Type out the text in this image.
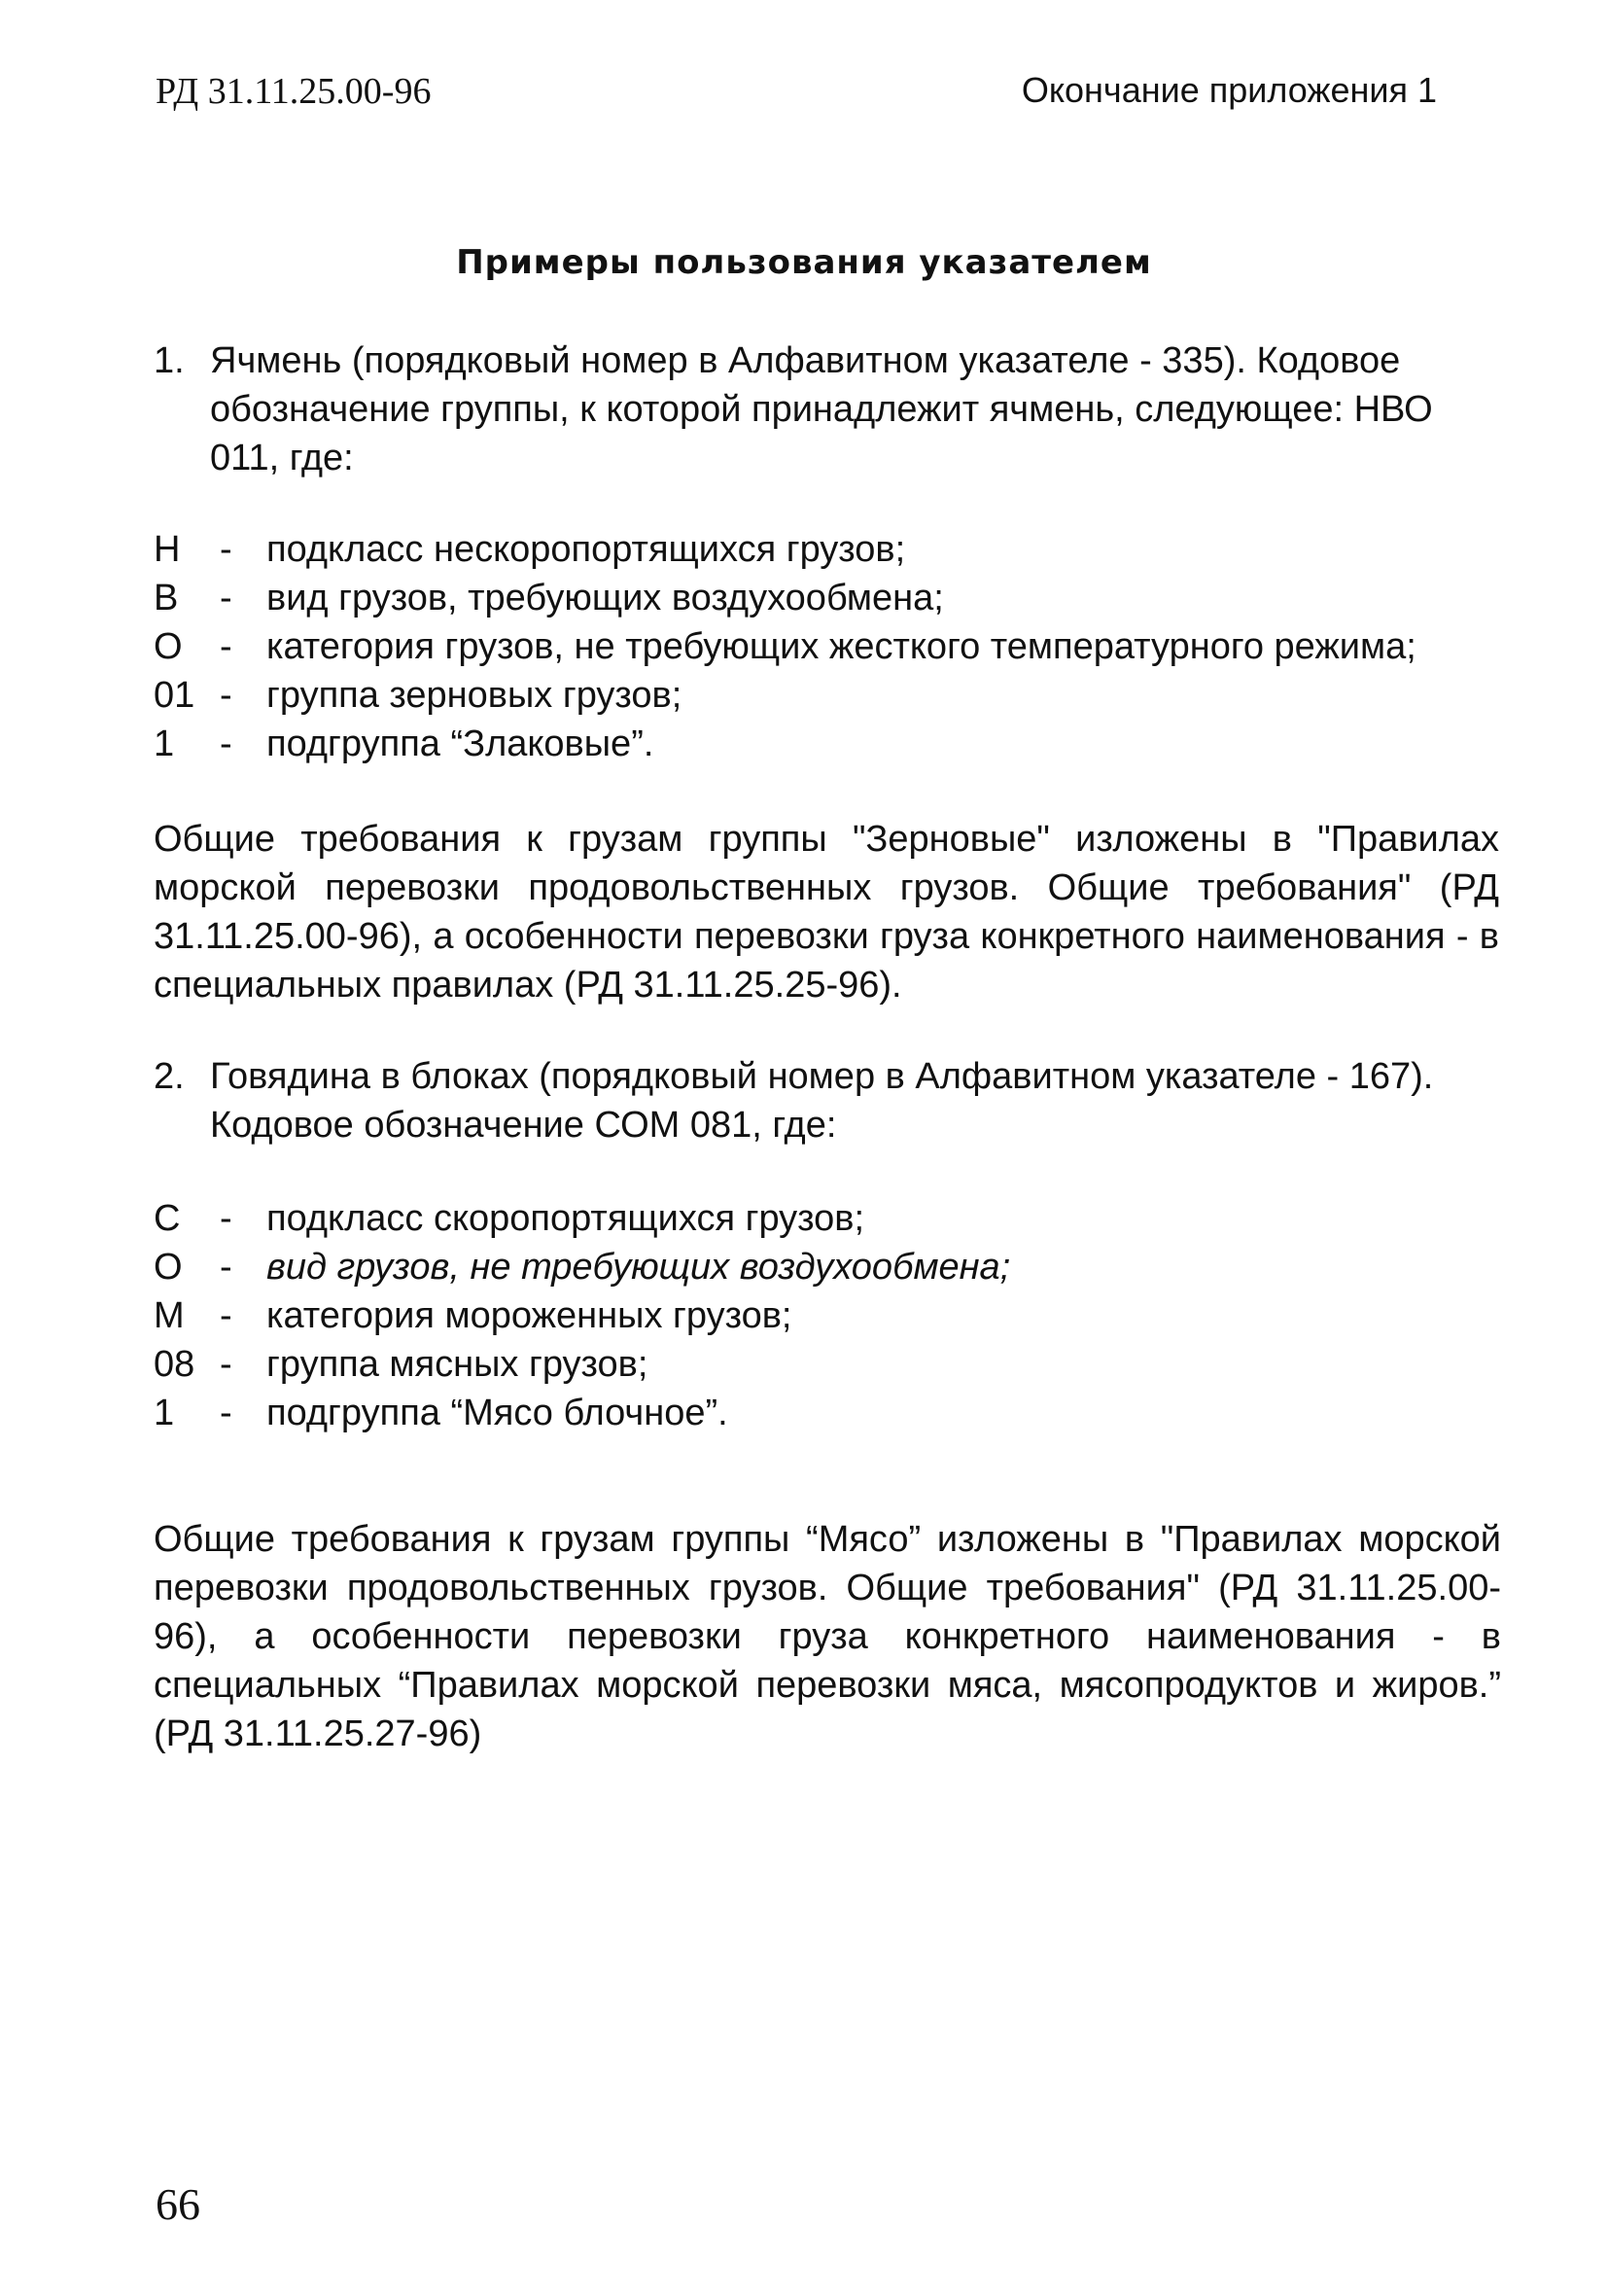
РД 31.11.25.00-96	Окончание приложения 1
Примеры пользования указателем
1. Ячмень (порядковый номер в Алфавитном указателе - 335). Кодовое обозначение группы, к которой принадлежит ячмень, следующее: НВО 011, где:
Н	- подкласс нескоропортящихся грузов;
В	- вид грузов, требующих воздухообмена;
О	- категория грузов, не требующих жесткого температурного режима;
01 - группа зерновых грузов;
1	- подгруппа “Злаковые”.
Общие требования к грузам группы "Зерновые" изложены в "Правилах морской перевозки продовольственных грузов. Общие требования" (РД 31.11.25.00-96), а особенности перевозки груза конкретного наименования - в специальных правилах (РД 31.11.25.25-96).
2. Говядина в блоках (порядковый номер в Алфавитном указателе - 167). Кодовое обозначение СОМ 081, где:
С	- подкласс скоропортящихся грузов;
О	- вид грузов, не требующих воздухообмена;
М - категория мороженных грузов;
08 - группа мясных грузов;
1	- подгруппа “Мясо блочное”.
Общие требования к грузам группы “Мясо” изложены в "Правилах морской перевозки продовольственных грузов. Общие требования" (РД 31.11.25.00-96), а особенности перевозки груза конкретного наименования - в специальных “Правилах морской перевозки мяса, мясопродуктов и жиров.” (РД 31.11.25.27-96)
66
